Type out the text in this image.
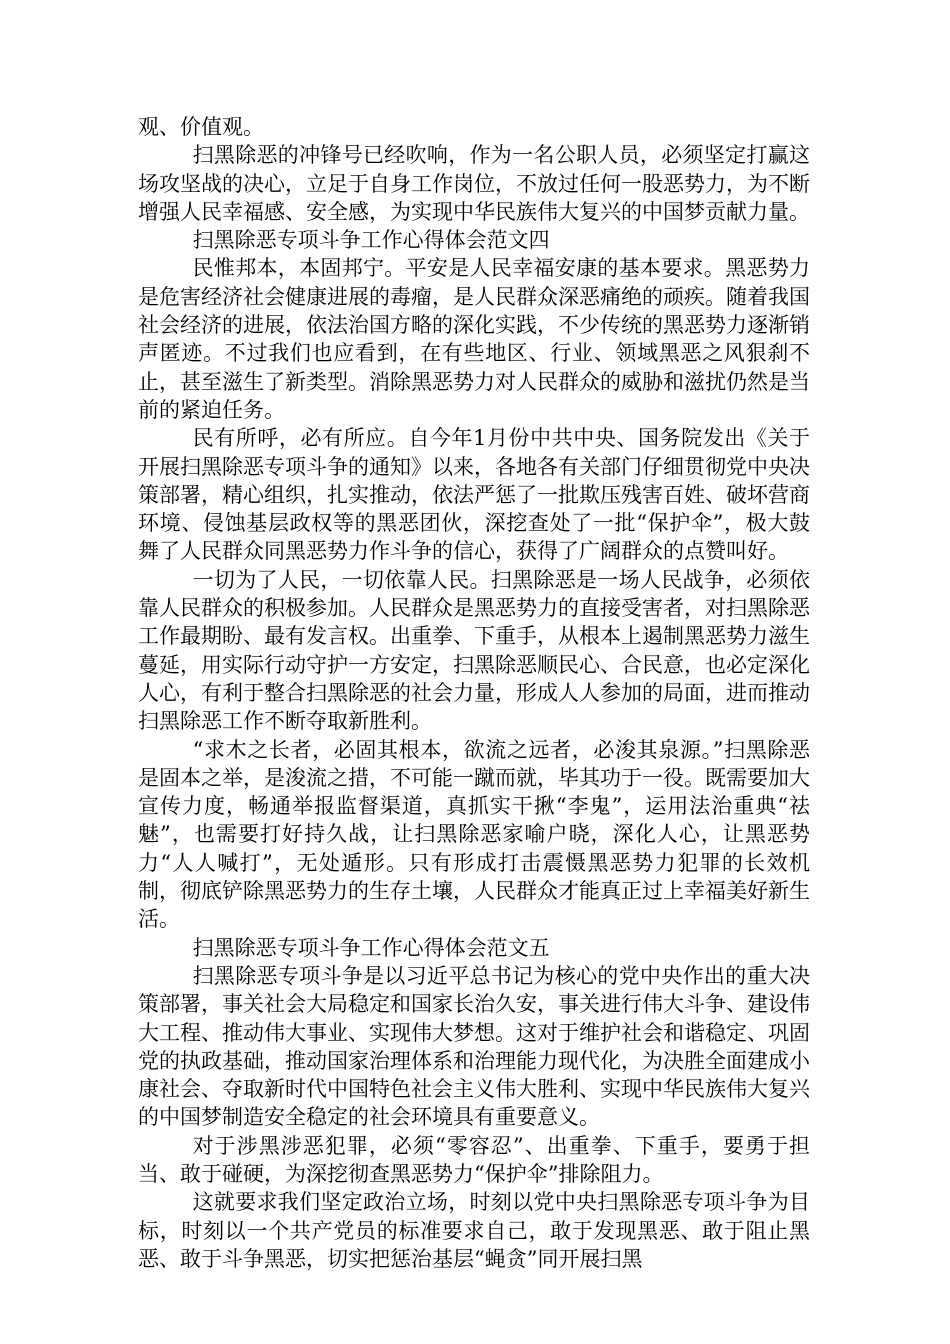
观、价值观。

扫黑除恶的冲锋号已经吹响，作为一名公职人员，必须坚定打赢这场攻坚战的决心，立足于自身工作岗位，不放过任何一股恶势力，为不断增强人民幸福感、安全感，为实现中华民族伟大复兴的中国梦贡献力量。

扫黑除恶专项斗争工作心得体会范文四

民惟邦本，本固邦宁。平安是人民幸福安康的基本要求。黑恶势力是危害经济社会健康进展的毒瘤，是人民群众深恶痛绝的顽疾。随着我国社会经济的进展，依法治国方略的深化实践，不少传统的黑恶势力逐渐销声匿迹。不过我们也应看到，在有些地区、行业、领域黑恶之风狠刹不止，甚至滋生了新类型。消除黑恶势力对人民群众的威胁和滋扰仍然是当前的紧迫任务。

民有所呼，必有所应。自今年1月份中共中央、国务院发出《关于开展扫黑除恶专项斗争的通知》以来，各地各有关部门仔细贯彻党中央决策部署，精心组织，扎实推动，依法严惩了一批欺压残害百姓、破坏营商环境、侵蚀基层政权等的黑恶团伙，深挖查处了一批“保护伞”，极大鼓舞了人民群众同黑恶势力作斗争的信心，获得了广阔群众的点赞叫好。

一切为了人民，一切依靠人民。扫黑除恶是一场人民战争，必须依靠人民群众的积极参加。人民群众是黑恶势力的直接受害者，对扫黑除恶工作最期盼、最有发言权。出重拳、下重手，从根本上遏制黑恶势力滋生蔓延，用实际行动守护一方安定，扫黑除恶顺民心、合民意，也必定深化人心，有利于整合扫黑除恶的社会力量，形成人人参加的局面，进而推动扫黑除恶工作不断夺取新胜利。

“求木之长者，必固其根本，欲流之远者，必浚其泉源。”扫黑除恶是固本之举，是浚流之措，不可能一蹴而就，毕其功于一役。既需要加大宣传力度，畅通举报监督渠道，真抓实干揪“李鬼”，运用法治重典“祛魅”，也需要打好持久战，让扫黑除恶家喻户晓，深化人心，让黑恶势力“人人喊打”，无处遁形。只有形成打击震慑黑恶势力犯罪的长效机制，彻底铲除黑恶势力的生存土壤，人民群众才能真正过上幸福美好新生活。

扫黑除恶专项斗争工作心得体会范文五

扫黑除恶专项斗争是以习近平总书记为核心的党中央作出的重大决策部署，事关社会大局稳定和国家长治久安，事关进行伟大斗争、建设伟大工程、推动伟大事业、实现伟大梦想。这对于维护社会和谐稳定、巩固党的执政基础，推动国家治理体系和治理能力现代化，为决胜全面建成小康社会、夺取新时代中国特色社会主义伟大胜利、实现中华民族伟大复兴的中国梦制造安全稳定的社会环境具有重要意义。

对于涉黑涉恶犯罪，必须“零容忍”、出重拳、下重手，要勇于担当、敢于碰硬，为深挖彻查黑恶势力“保护伞”排除阻力。

这就要求我们坚定政治立场，时刻以党中央扫黑除恶专项斗争为目标，时刻以一个共产党员的标准要求自己，敢于发现黑恶、敢于阻止黑恶、敢于斗争黑恶，切实把惩治基层“蝇贪”同开展扫黑
